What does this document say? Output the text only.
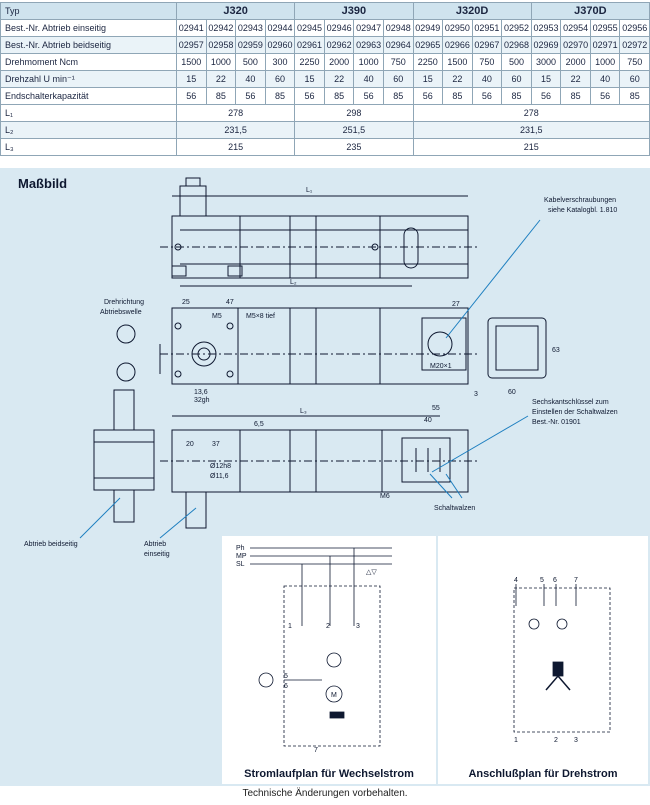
Typ	J320				J390				J320D				J370D			
Best.-Nr. Abtrieb einseitig	02941	02942	02943	02944	02945	02946	02947	02948	02949	02950	02951	02952	02953	02954	02955	02956
Best.-Nr. Abtrieb beidseitig	02957	02958	02959	02960	02961	02962	02963	02964	02965	02966	02967	02968	02969	02970	02971	02972
Drehmoment Ncm	1500	1000	500	300	2250	2000	1000	750	2250	1500	750	500	3000	2000	1000	750
Drehzahl U min⁻¹	15	22	40	60	15	22	40	60	15	22	40	60	15	22	40	60
Endschalterkapazität	56	85	56	85	56	85	56	85	56	85	56	85	56	85	56	85
L₁	278				298				278							
L₂	231,5				251,5				231,5							
L₃	215				235				215							
Maßbild	L₁
L₂
L₃
25	47
M5	M5×8 tief
27
M20×1
60
63
3
13,6
32gh
55
40
6,5
20	37
Ø12h8
Ø11,6
M6
Kabelverschraubungen
siehe Katalogbl. 1.810
Drehrichtung
Abtriebswelle
Sechskantschlüssel zum
Einstellen der Schaltwalzen
Best.-Nr. 01901
Schaltwalzen
Abtrieb beidseitig	Abtrieb
einseitig
Ph
MP
SL
△▽
1	2	3
5
6
7
M
4	5 6 7
1	2 3
Stromlaufplan für Wechselstrom	Anschlußplan für Drehstrom
Technische Änderungen vorbehalten.
